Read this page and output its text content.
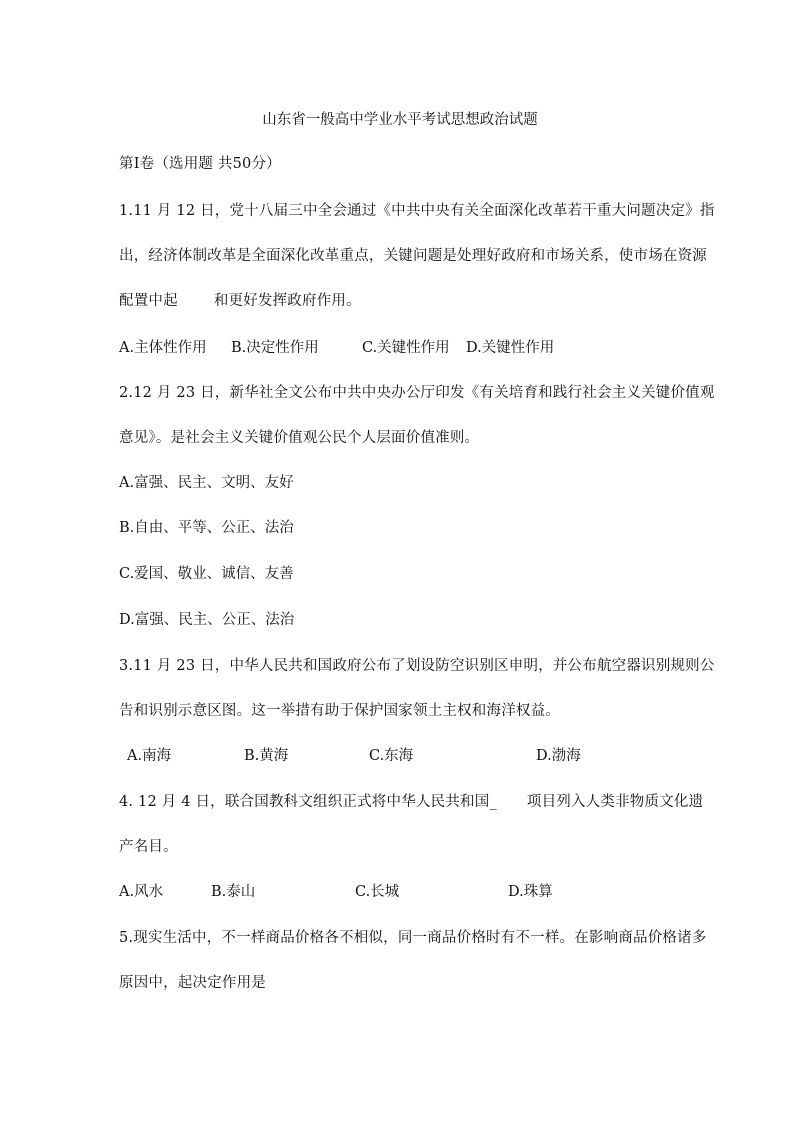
山东省一般高中学业水平考试思想政治试题
第Ⅰ卷（选用题 共50分）
1.11 月 12 日，党十八届三中全会通过《中共中央有关全面深化改革若干重大问题决定》指
出，经济体制改革是全面深化改革重点，关键问题是处理好政府和市场关系，使市场在资源
配置中起 和更好发挥政府作用。
A.主体性作用 B.决定性作用	C.关键性作用 D.关键性作用
2.12 月 23 日，新华社全文公布中共中央办公厅印发《有关培育和践行社会主义关键价值观
意见》。是社会主义关键价值观公民个人层面价值准则。
A.富强、民主、文明、友好
B.自由、平等、公正、法治
C.爱国、敬业、诚信、友善
D.富强、民主、公正、法治
3.11 月 23 日，中华人民共和国政府公布了划设防空识别区申明，并公布航空器识别规则公
告和识别示意区图。这一举措有助于保护国家领土主权和海洋权益。
A.南海	B.黄海	C.东海	D.渤海
4. 12 月 4 日，联合国教科文组织正式将中华人民共和国_ 项目列入人类非物质文化遗
产名目。
A.风水	B.泰山	C.长城	D.珠算
5.现实生活中，不一样商品价格各不相似，同一商品价格时有不一样。在影响商品价格诸多
原因中，起决定作用是
